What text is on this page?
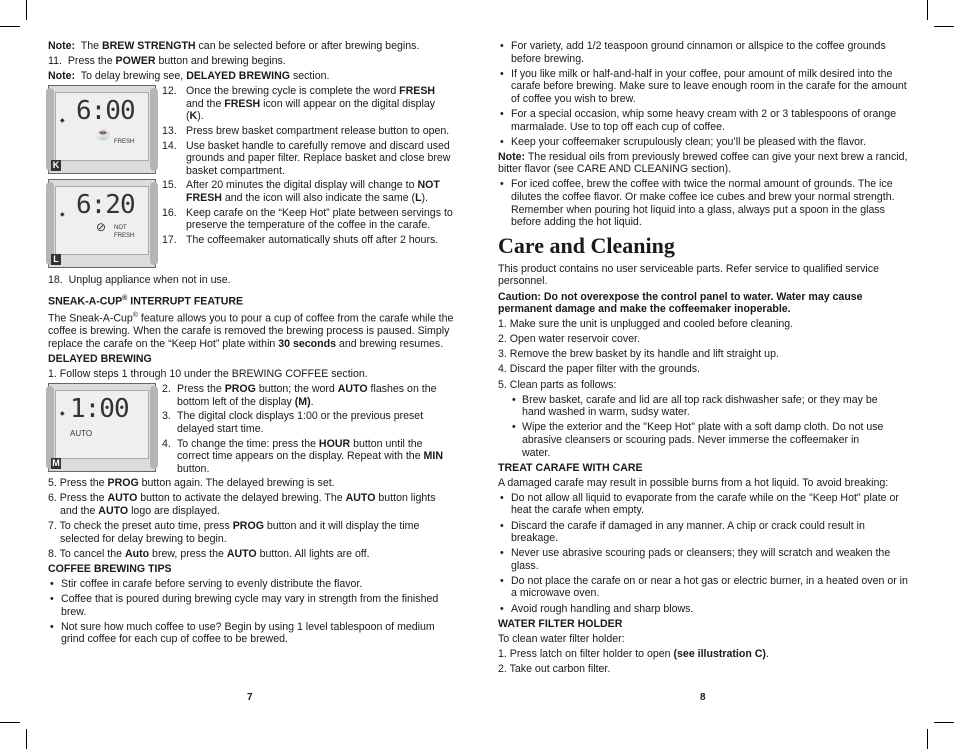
Note: The BREW STRENGTH can be selected before or after brewing begins.

11. Press the POWER button and brewing begins.

Note: To delay brewing see, DELAYED BREWING section.

6:00
◆
☕
FRESH
K
12. Once the brewing cycle is complete the word FRESH and the FRESH icon will appear on the digital display (K).
13. Press brew basket compartment release button to open.
14. Use basket handle to carefully remove and discard used grounds and paper filter. Replace basket and close brew basket compartment.
6:20
◆
⊘ NOT
FRESH
L
15. After 20 minutes the digital display will change to NOT FRESH and the icon will also indicate the same (L).
16. Keep carafe on the “Keep Hot” plate between servings to preserve the temperature of the coffee in the carafe.
17. The coffeemaker automatically shuts off after 2 hours.

18. Unplug appliance when not in use.

SNEAK-A-CUP® INTERRUPT FEATURE

The Sneak-A-Cup® feature allows you to pour a cup of coffee from the carafe while the coffee is brewing. When the carafe is removed the brewing process is paused. Simply replace the carafe on the “Keep Hot” plate within 30 seconds and brewing resumes.

DELAYED BREWING

1. Follow steps 1 through 10 under the BREWING COFFEE section.

1:00
◆
AUTO
M
2. Press the PROG button; the word AUTO flashes on the bottom left of the display (M).
3. The digital clock displays 1:00 or the previous preset delayed start time.
4. To change the time: press the HOUR button until the correct time appears on the display. Repeat with the MIN button.

5. Press the PROG button again. The delayed brewing is set.

6. Press the AUTO button to activate the delayed brewing. The AUTO button lights and the AUTO logo are displayed.

7. To check the preset auto time, press PROG button and it will display the time selected for delay brewing to begin.

8. To cancel the Auto brew, press the AUTO button. All lights are off.

COFFEE BREWING TIPS

• Stir coffee in carafe before serving to evenly distribute the flavor.

• Coffee that is poured during brewing cycle may vary in strength from the finished brew.

• Not sure how much coffee to use? Begin by using 1 level tablespoon of medium grind coffee for each cup of coffee to be brewed.

7

• For variety, add 1/2 teaspoon ground cinnamon or allspice to the coffee grounds before brewing.

• If you like milk or half-and-half in your coffee, pour amount of milk desired into the carafe before brewing. Make sure to leave enough room in the carafe for the amount of coffee you wish to brew.

• For a special occasion, whip some heavy cream with 2 or 3 tablespoons of orange marmalade. Use to top off each cup of coffee.

• Keep your coffeemaker scrupulously clean; you’ll be pleased with the flavor.

Note: The residual oils from previously brewed coffee can give your next brew a rancid, bitter flavor (see CARE AND CLEANING section).

• For iced coffee, brew the coffee with twice the normal amount of grounds. The ice dilutes the coffee flavor. Or make coffee ice cubes and brew your normal strength. Remember when pouring hot liquid into a glass, always put a spoon in the glass before adding the hot liquid.

Care and Cleaning

This product contains no user serviceable parts. Refer service to qualified service personnel.

Caution: Do not overexpose the control panel to water. Water may cause permanent damage and make the coffeemaker inoperable.

1. Make sure the unit is unplugged and cooled before cleaning.

2. Open water reservoir cover.

3. Remove the brew basket by its handle and lift straight up.

4. Discard the paper filter with the grounds.

5. Clean parts as follows:

• Brew basket, carafe and lid are all top rack dishwasher safe; or they may be hand washed in warm, sudsy water.

• Wipe the exterior and the "Keep Hot" plate with a soft damp cloth. Do not use abrasive cleansers or scouring pads. Never immerse the coffeemaker in water.

TREAT CARAFE WITH CARE

A damaged carafe may result in possible burns from a hot liquid. To avoid breaking:

• Do not allow all liquid to evaporate from the carafe while on the "Keep Hot" plate or heat the carafe when empty.

• Discard the carafe if damaged in any manner. A chip or crack could result in breakage.

• Never use abrasive scouring pads or cleansers; they will scratch and weaken the glass.

• Do not place the carafe on or near a hot gas or electric burner, in a heated oven or in a microwave oven.

• Avoid rough handling and sharp blows.

WATER FILTER HOLDER

To clean water filter holder:

1. Press latch on filter holder to open (see illustration C).

2. Take out carbon filter.

8
